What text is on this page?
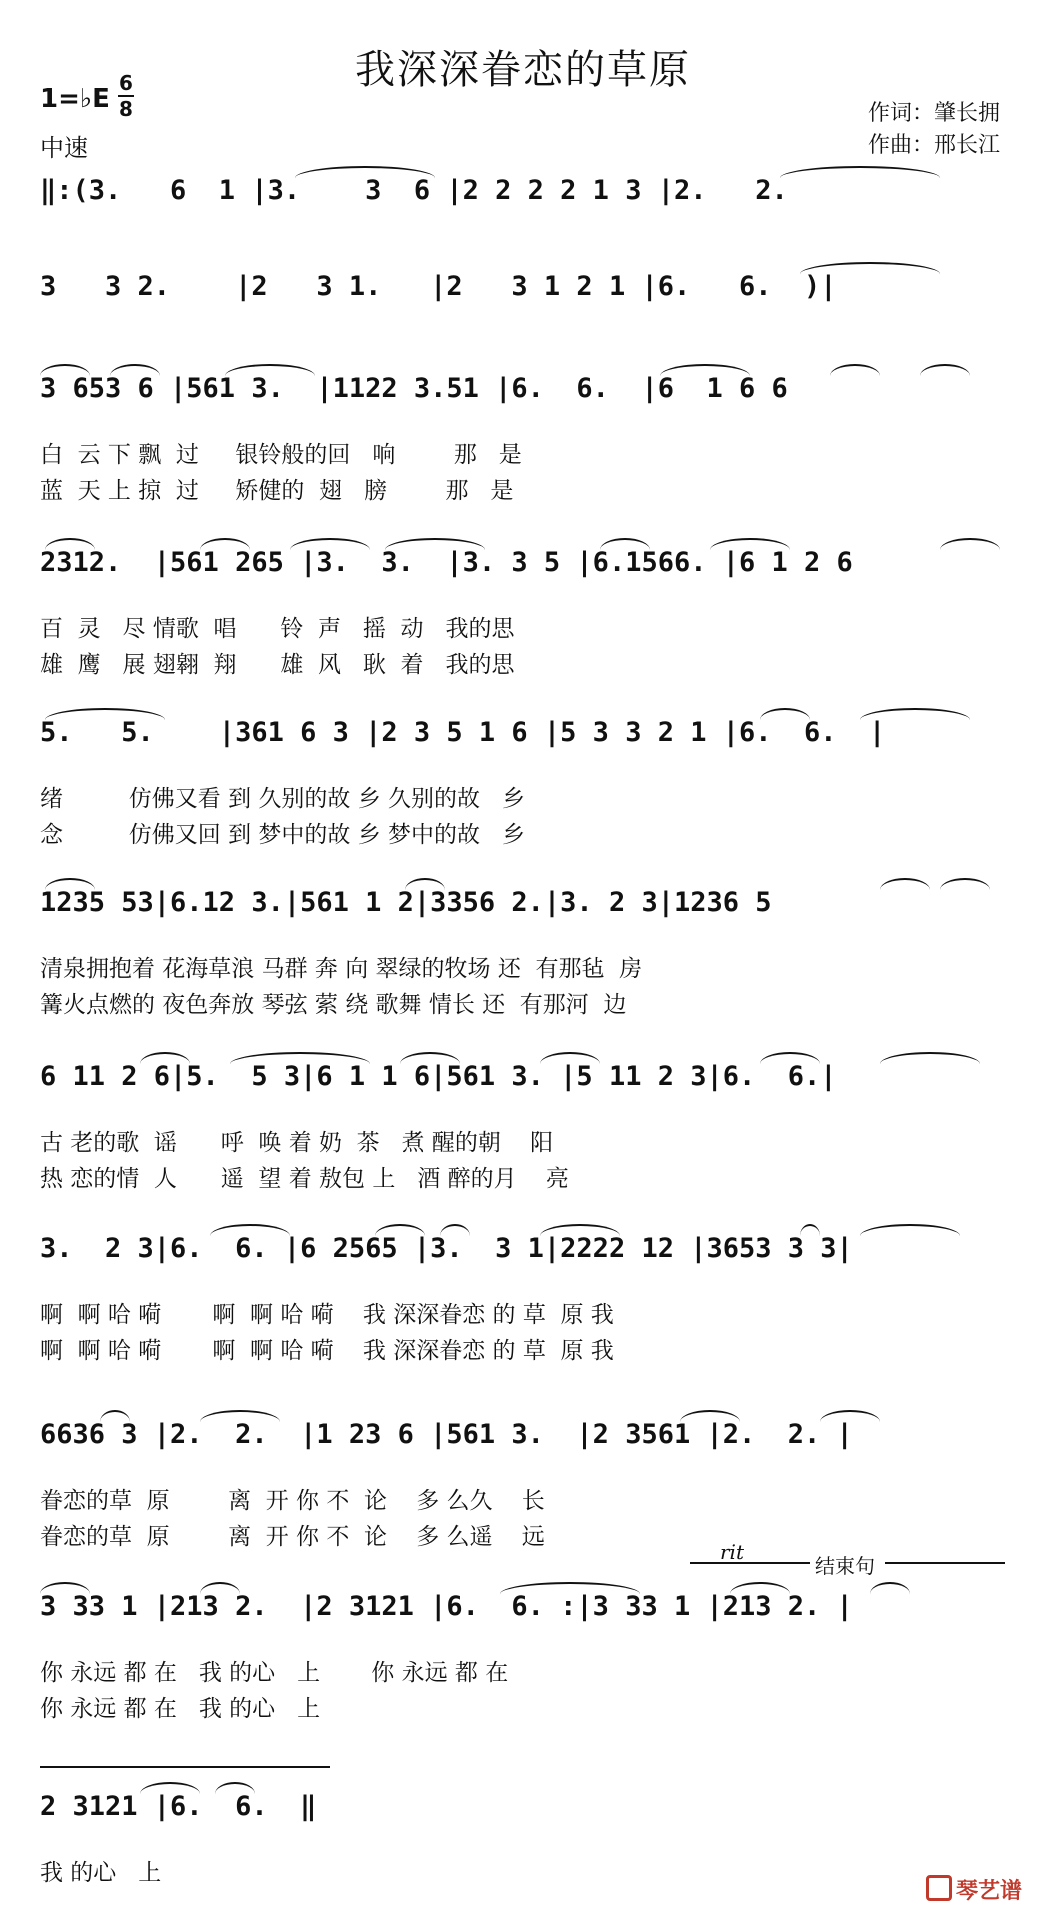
我深深眷恋的草原
1=♭E
6
8
中速
作词：肇长拥
作曲：邢长江
‖:(3.   6  1 |3.    3  6 |2 2 2 2 1 3 |2.   2.
3   3 2.    |2   3 1.   |2   3 1 2 1 |6.   6.  )|
3 653 6 |561 3.  |1122 3.51 |6.  6.  |6  1 6 6
白  云 下 飘  过     银铃般的回   响        那   是
蓝  天 上 掠  过     矫健的  翅   膀        那   是
2312.  |561 265 |3.  3.  |3. 3 5 |6.1566. |6 1 2 6
百  灵   尽 情歌  唱      铃  声   摇  动   我的思
雄  鹰   展 翅翱  翔      雄  风   耿  着   我的思
5.   5.    |361 6 3 |2 3 5 1 6 |5 3 3 2 1 |6.  6.  |
绪         仿佛又看 到 久别的故 乡 久别的故   乡
念         仿佛又回 到 梦中的故 乡 梦中的故   乡
1235 53|6.12 3.|561 1 2|3356 2.|3. 2 3|1236 5
清泉拥抱着 花海草浪 马群 奔 向 翠绿的牧场 还  有那毡  房
篝火点燃的 夜色奔放 琴弦 萦 绕 歌舞 情长 还  有那河  边
6 11 2 6|5.  5 3|6 1 1 6|561 3. |5 11 2 3|6.  6.|
古 老的歌  谣      呼  唤 着 奶  茶   煮 醒的朝    阳
热 恋的情  人      遥  望 着 敖包 上   酒 醉的月    亮
3.  2 3|6.  6. |6 2565 |3.  3 1|2222 12 |3653 3 3|
啊  啊 哈 嗬       啊  啊 哈 嗬    我 深深眷恋 的 草  原 我
啊  啊 哈 嗬       啊  啊 哈 嗬    我 深深眷恋 的 草  原 我
6636 3 |2.  2.  |1 23 6 |561 3.  |2 3561 |2.  2. |
眷恋的草  原        离  开 你 不  论    多 么久    长
眷恋的草  原        离  开 你 不  论    多 么遥    远
rit
结束句
3 33 1 |213 2.  |2 3121 |6.  6. :|3 33 1 |213 2. |
你 永远 都 在   我 的心   上       你 永远 都 在
你 永远 都 在   我 的心   上
2 3121 |6.  6.  ‖
我 的心   上
琴艺谱
